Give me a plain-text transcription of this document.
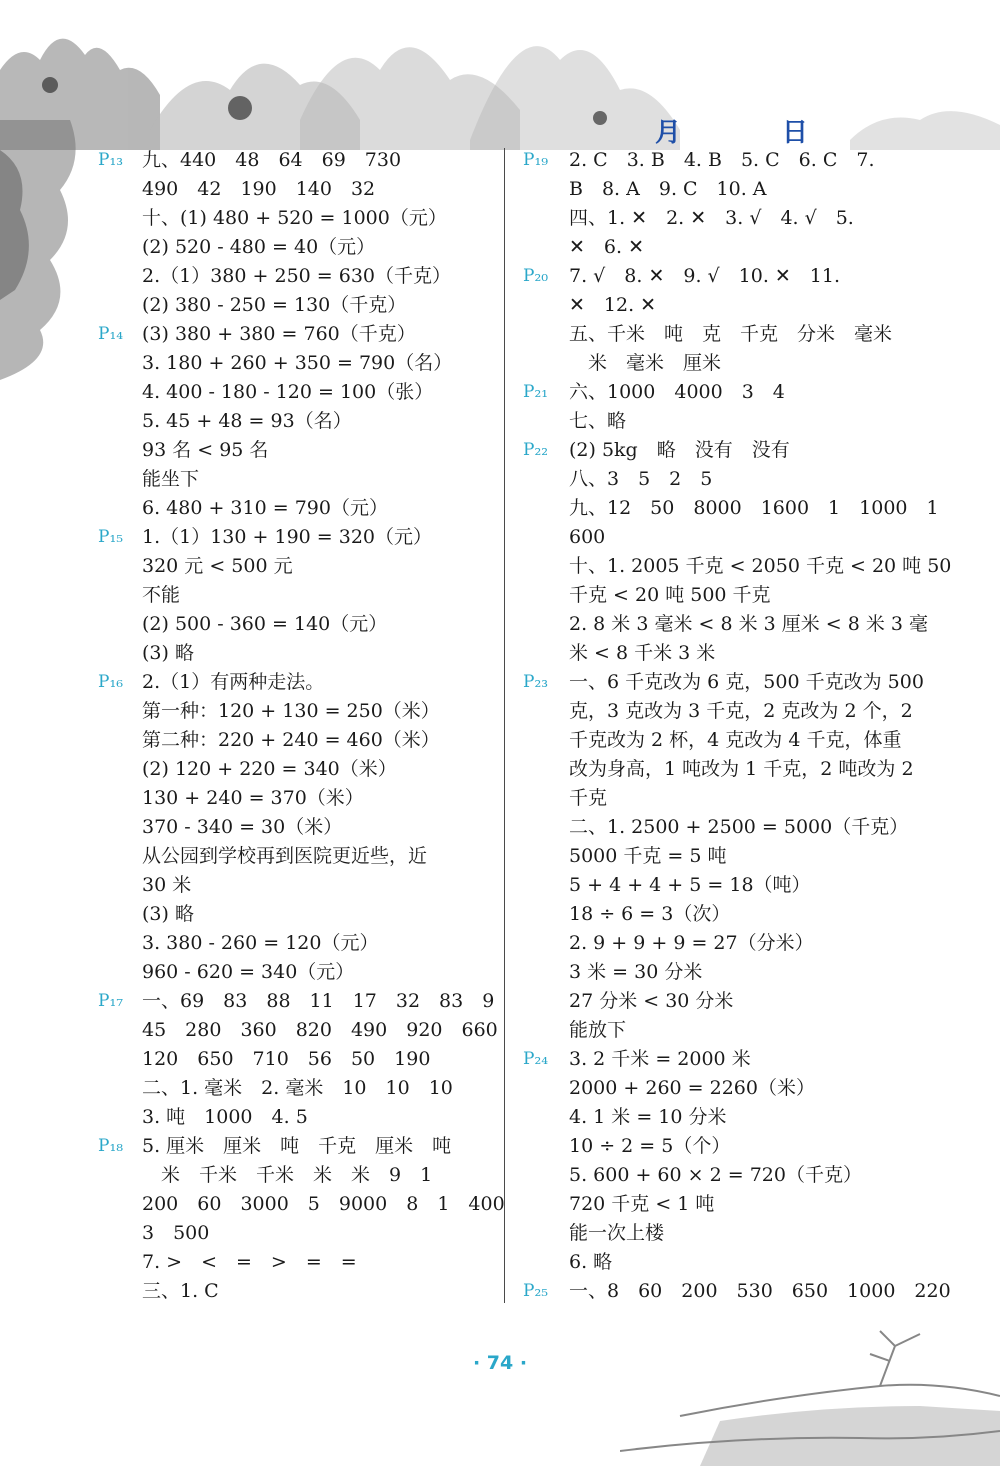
月	日
P₁₃ 九、440　48　64　69　730
490　42　190　140　32
十、(1) 480 + 520 = 1000（元）
(2) 520 - 480 = 40（元）
2.（1）380 + 250 = 630（千克）
(2) 380 - 250 = 130（千克）
P₁₄ (3) 380 + 380 = 760（千克）
3. 180 + 260 + 350 = 790（名）
4. 400 - 180 - 120 = 100（张）
5. 45 + 48 = 93（名）
93 名 < 95 名
能坐下
6. 480 + 310 = 790（元）
P₁₅ 1.（1）130 + 190 = 320（元）
320 元 < 500 元
不能
(2) 500 - 360 = 140（元）
(3) 略
P₁₆ 2.（1）有两种走法。
第一种：120 + 130 = 250（米）
第二种：220 + 240 = 460（米）
(2) 120 + 220 = 340（米）
130 + 240 = 370（米）
370 - 340 = 30（米）
从公园到学校再到医院更近些，近
30 米
(3) 略
3. 380 - 260 = 120（元）
960 - 620 = 340（元）
P₁₇ 一、69　83　88　11　17　32　83　9
45　280　360　820　490　920　660
120　650　710　56　50　190
二、1. 毫米　2. 毫米　10　10　10
3. 吨　1000　4. 5
P₁₈ 5. 厘米　厘米　吨　千克　厘米　吨
　米　千米　千米　米　米　9　1
200　60　3000　5　9000　8　1　400
3　500
7. >　<　=　>　=　=
三、1. C
P₁₉ 2. C　3. B　4. B　5. C　6. C　7.
B　8. A　9. C　10. A
四、1. ✕　2. ✕　3. √　4. √　5.
✕　6. ✕
P₂₀ 7. √　8. ✕　9. √　10. ✕　11.
✕　12. ✕
五、千米　吨　克　千克　分米　毫米
　米　毫米　厘米
P₂₁ 六、1000　4000　3　4
七、略
P₂₂ (2) 5kg　略　没有　没有
八、3　5　2　5
九、12　50　8000　1600　1　1000　1
600
十、1. 2005 千克 < 2050 千克 < 20 吨 50
千克 < 20 吨 500 千克
2. 8 米 3 毫米 < 8 米 3 厘米 < 8 米 3 毫
米 < 8 千米 3 米
P₂₃ 一、6 千克改为 6 克，500 千克改为 500
克，3 克改为 3 千克，2 克改为 2 个，2
千克改为 2 杯，4 克改为 4 千克，体重
改为身高，1 吨改为 1 千克，2 吨改为 2
千克
二、1. 2500 + 2500 = 5000（千克）
5000 千克 = 5 吨
5 + 4 + 4 + 5 = 18（吨）
18 ÷ 6 = 3（次）
2. 9 + 9 + 9 = 27（分米）
3 米 = 30 分米
27 分米 < 30 分米
能放下
P₂₄ 3. 2 千米 = 2000 米
2000 + 260 = 2260（米）
4. 1 米 = 10 分米
10 ÷ 2 = 5（个）
5. 600 + 60 × 2 = 720（千克）
720 千克 < 1 吨
能一次上楼
6. 略
P₂₅ 一、8　60　200　530　650　1000　220
· 74 ·
